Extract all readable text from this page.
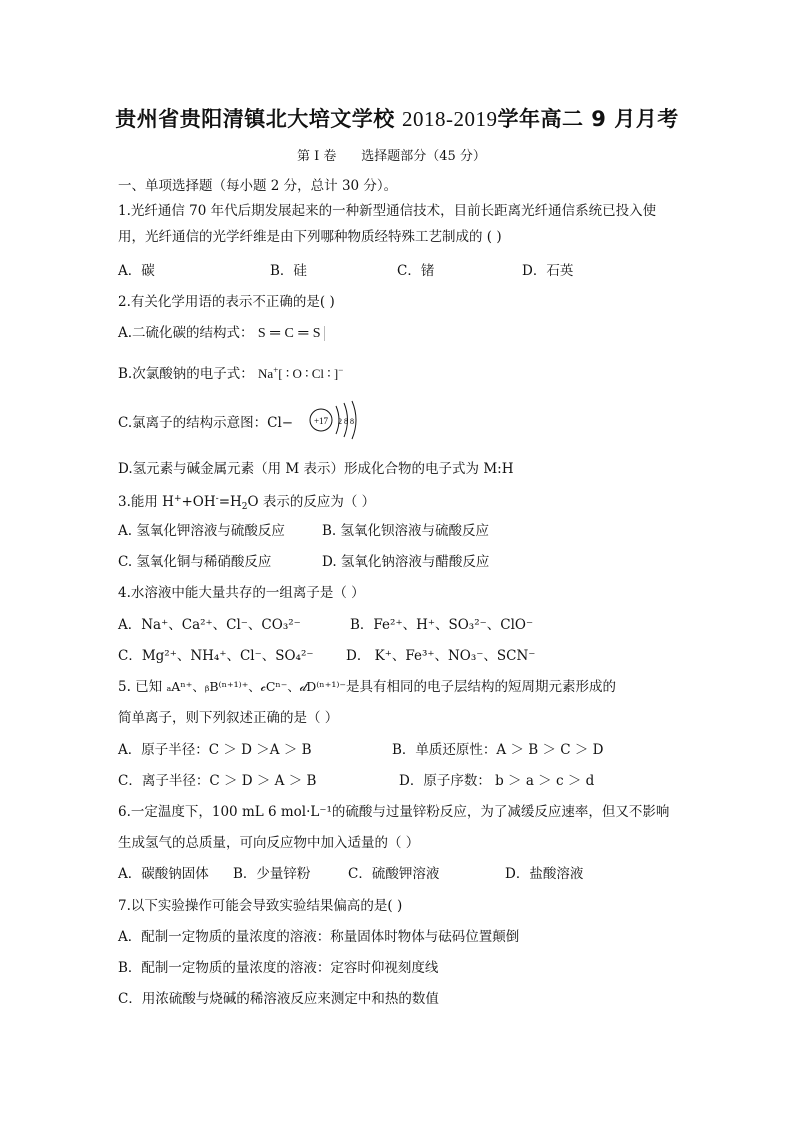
贵州省贵阳清镇北大培文学校 2018-2019学年高二 9 月月考
第 I 卷      选择题部分（45 分）
一、单项选择题（每小题 2 分，总计 30 分）。
1.光纤通信 70 年代后期发展起来的一种新型通信技术，目前长距离光纤通信系统已投入使
用，光纤通信的光学纤维是由下列哪种物质经特殊工艺制成的 ( )
A．碳	B．硅	C．锗	D．石英
2.有关化学用语的表示不正确的是( )
A.二硫化碳的结构式： S ═ C ═ S
B.次氯酸钠的电子式： Na+[ ∶ O ∶ Cl ∶ ]−
C.氯离子的结构示意图：Cl− +17 2 8 8
D.氢元素与碱金属元素（用 M 表示）形成化合物的电子式为 M:H
3.能用 $H^++OH^-=H_2O$ 表示的反应为（ ）
A. 氢氧化钾溶液与硫酸反应	B. 氢氧化钡溶液与硫酸反应
C. 氢氧化铜与稀硝酸反应	D. 氢氧化钠溶液与醋酸反应
4.水溶液中能大量共存的一组离子是（ ）
A．Na⁺、Ca²⁺、Cl⁻、CO₃²⁻	B．Fe²⁺、H⁺、SO₃²⁻、ClO⁻
C．Mg²⁺、NH₄⁺、Cl⁻、SO₄²⁻ D． K⁺、Fe³⁺、NO₃⁻、SCN⁻
5. 已知 ₐAⁿ⁺、ᵦB⁽ⁿ⁺¹⁾⁺、𝒸Cⁿ⁻、𝒹D⁽ⁿ⁺¹⁾⁻是具有相同的电子层结构的短周期元素形成的
简单离子，则下列叙述正确的是（ ）
A．原子半径：C ＞ D ＞A ＞ B	B．单质还原性：A ＞ B ＞ C ＞ D
C．离子半径：C ＞ D ＞ A ＞ B	D．原子序数： b ＞ a ＞ c ＞ d
6.一定温度下，100 mL 6 mol·L⁻¹的硫酸与过量锌粉反应，为了减缓反应速率，但又不影响
生成氢气的总质量，可向反应物中加入适量的（ ）
A．碳酸钠固体 B．少量锌粉	C．硫酸钾溶液	D．盐酸溶液
7.以下实验操作可能会导致实验结果偏高的是( )
A．配制一定物质的量浓度的溶液：称量固体时物体与砝码位置颠倒
B．配制一定物质的量浓度的溶液：定容时仰视刻度线
C．用浓硫酸与烧碱的稀溶液反应来测定中和热的数值
